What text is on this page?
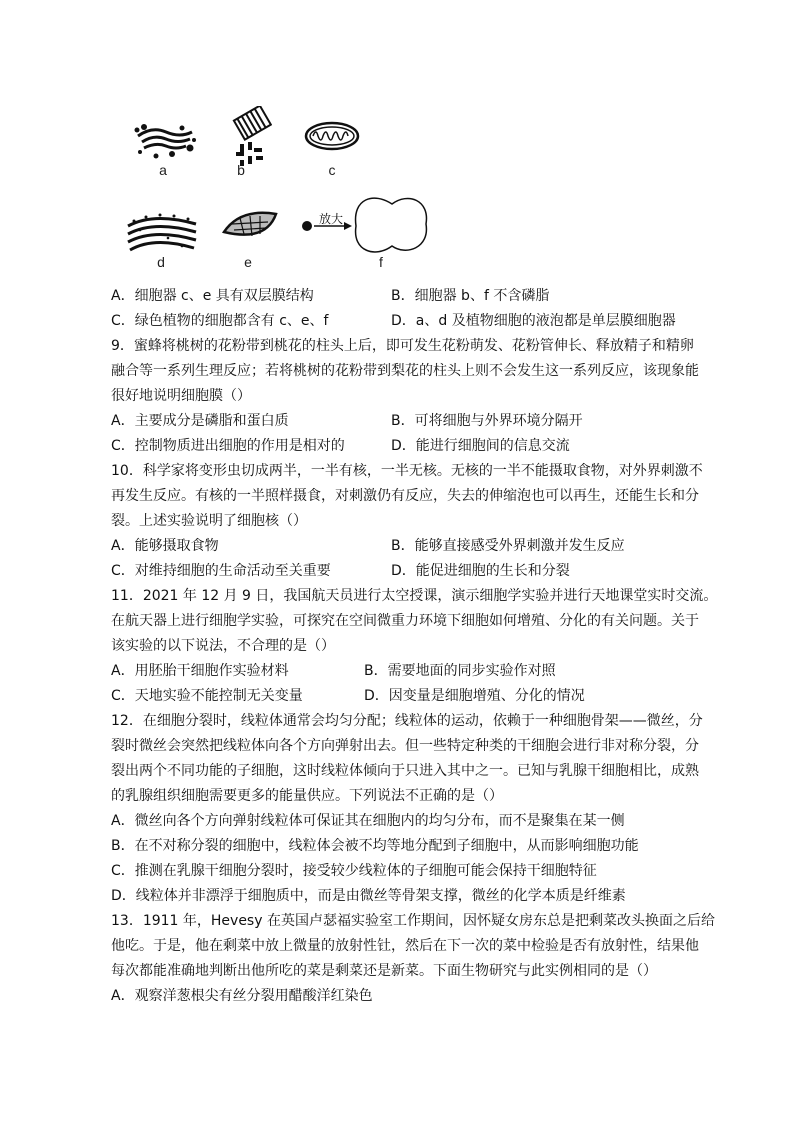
a	b	c
d	e
放大
f
A．细胞器 c、e 具有双层膜结构	B．细胞器 b、f 不含磷脂
C．绿色植物的细胞都含有 c、e、f	D．a、d 及植物细胞的液泡都是单层膜细胞器
9．蜜蜂将桃树的花粉带到桃花的柱头上后，即可发生花粉萌发、花粉管伸长、释放精子和精卵
融合等一系列生理反应；若将桃树的花粉带到梨花的柱头上则不会发生这一系列反应，该现象能
很好地说明细胞膜（）
A．主要成分是磷脂和蛋白质	B．可将细胞与外界环境分隔开
C．控制物质进出细胞的作用是相对的	D．能进行细胞间的信息交流
10．科学家将变形虫切成两半，一半有核，一半无核。无核的一半不能摄取食物，对外界刺激不
再发生反应。有核的一半照样摄食，对刺激仍有反应，失去的伸缩泡也可以再生，还能生长和分
裂。上述实验说明了细胞核（）
A．能够摄取食物	B．能够直接感受外界刺激并发生反应
C．对维持细胞的生命活动至关重要	D．能促进细胞的生长和分裂
11．2021 年 12 月 9 日，我国航天员进行太空授课，演示细胞学实验并进行天地课堂实时交流。
在航天器上进行细胞学实验，可探究在空间微重力环境下细胞如何增殖、分化的有关问题。关于
该实验的以下说法，不合理的是（）
A．用胚胎干细胞作实验材料	B．需要地面的同步实验作对照
C．天地实验不能控制无关变量	D．因变量是细胞增殖、分化的情况
12．在细胞分裂时，线粒体通常会均匀分配；线粒体的运动，依赖于一种细胞骨架——微丝，分
裂时微丝会突然把线粒体向各个方向弹射出去。但一些特定种类的干细胞会进行非对称分裂，分
裂出两个不同功能的子细胞，这时线粒体倾向于只进入其中之一。已知与乳腺干细胞相比，成熟
的乳腺组织细胞需要更多的能量供应。下列说法不正确的是（）
A．微丝向各个方向弹射线粒体可保证其在细胞内的均匀分布，而不是聚集在某一侧
B．在不对称分裂的细胞中，线粒体会被不均等地分配到子细胞中，从而影响细胞功能
C．推测在乳腺干细胞分裂时，接受较少线粒体的子细胞可能会保持干细胞特征
D．线粒体并非漂浮于细胞质中，而是由微丝等骨架支撑，微丝的化学本质是纤维素
13．1911 年，Hevesy 在英国卢瑟福实验室工作期间，因怀疑女房东总是把剩菜改头换面之后给
他吃。于是，他在剩菜中放上微量的放射性钍，然后在下一次的菜中检验是否有放射性，结果他
每次都能准确地判断出他所吃的菜是剩菜还是新菜。下面生物研究与此实例相同的是（）
A．观察洋葱根尖有丝分裂用醋酸洋红染色
